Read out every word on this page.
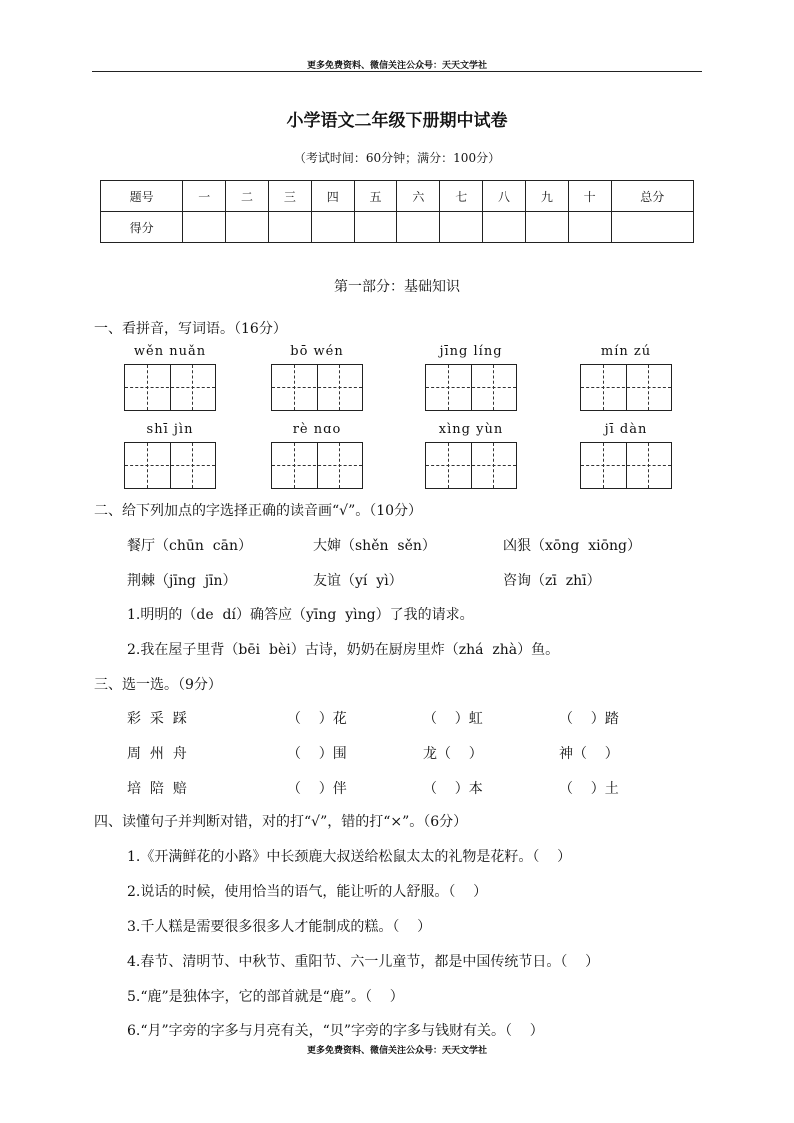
更多免费资料、微信关注公众号：天天文学社
小学语文二年级下册期中试卷
（考试时间：60分钟；满分：100分）
题号	一	二	三	四	五	六	七	八	九	十	总分
得分											
第一部分：基础知识
一、看拼音，写词语。（16分）
wěn nuǎn	bō wén	jīng líng	mín zú
shī jìn	rè nɑo	xìng yùn	jī dàn
二、给下列加点的字选择正确的读音画“√”。（10分）
餐厅（chūn  cān）	大婶（shěn  sěn）	凶狠（xōng  xiōng）
荆棘（jīng  jīn）	友谊（yí  yì）	咨询（zī  zhī）
1.明明的（de  dí）确答应（yīng  yìng）了我的请求。
2.我在屋子里背（bēi  bèi）古诗，奶奶在厨房里炸（zhá  zhà）鱼。
三、选一选。（9分）
彩  采  踩	（    ）花	（    ）虹	（    ）踏
周  州  舟	（    ）围	龙（    ）	神（    ）
培  陪  赔	（    ）伴	（    ）本	（    ）土
四、读懂句子并判断对错，对的打“√”，错的打“×”。（6分）
1.《开满鲜花的小路》中长颈鹿大叔送给松鼠太太的礼物是花籽。（    ）
2.说话的时候，使用恰当的语气，能让听的人舒服。（    ）
3.千人糕是需要很多很多人才能制成的糕。（    ）
4.春节、清明节、中秋节、重阳节、六一儿童节，都是中国传统节日。（    ）
5.“鹿”是独体字，它的部首就是“鹿”。（    ）
6.“月”字旁的字多与月亮有关，“贝”字旁的字多与钱财有关。（    ）
更多免费资料、微信关注公众号：天天文学社
